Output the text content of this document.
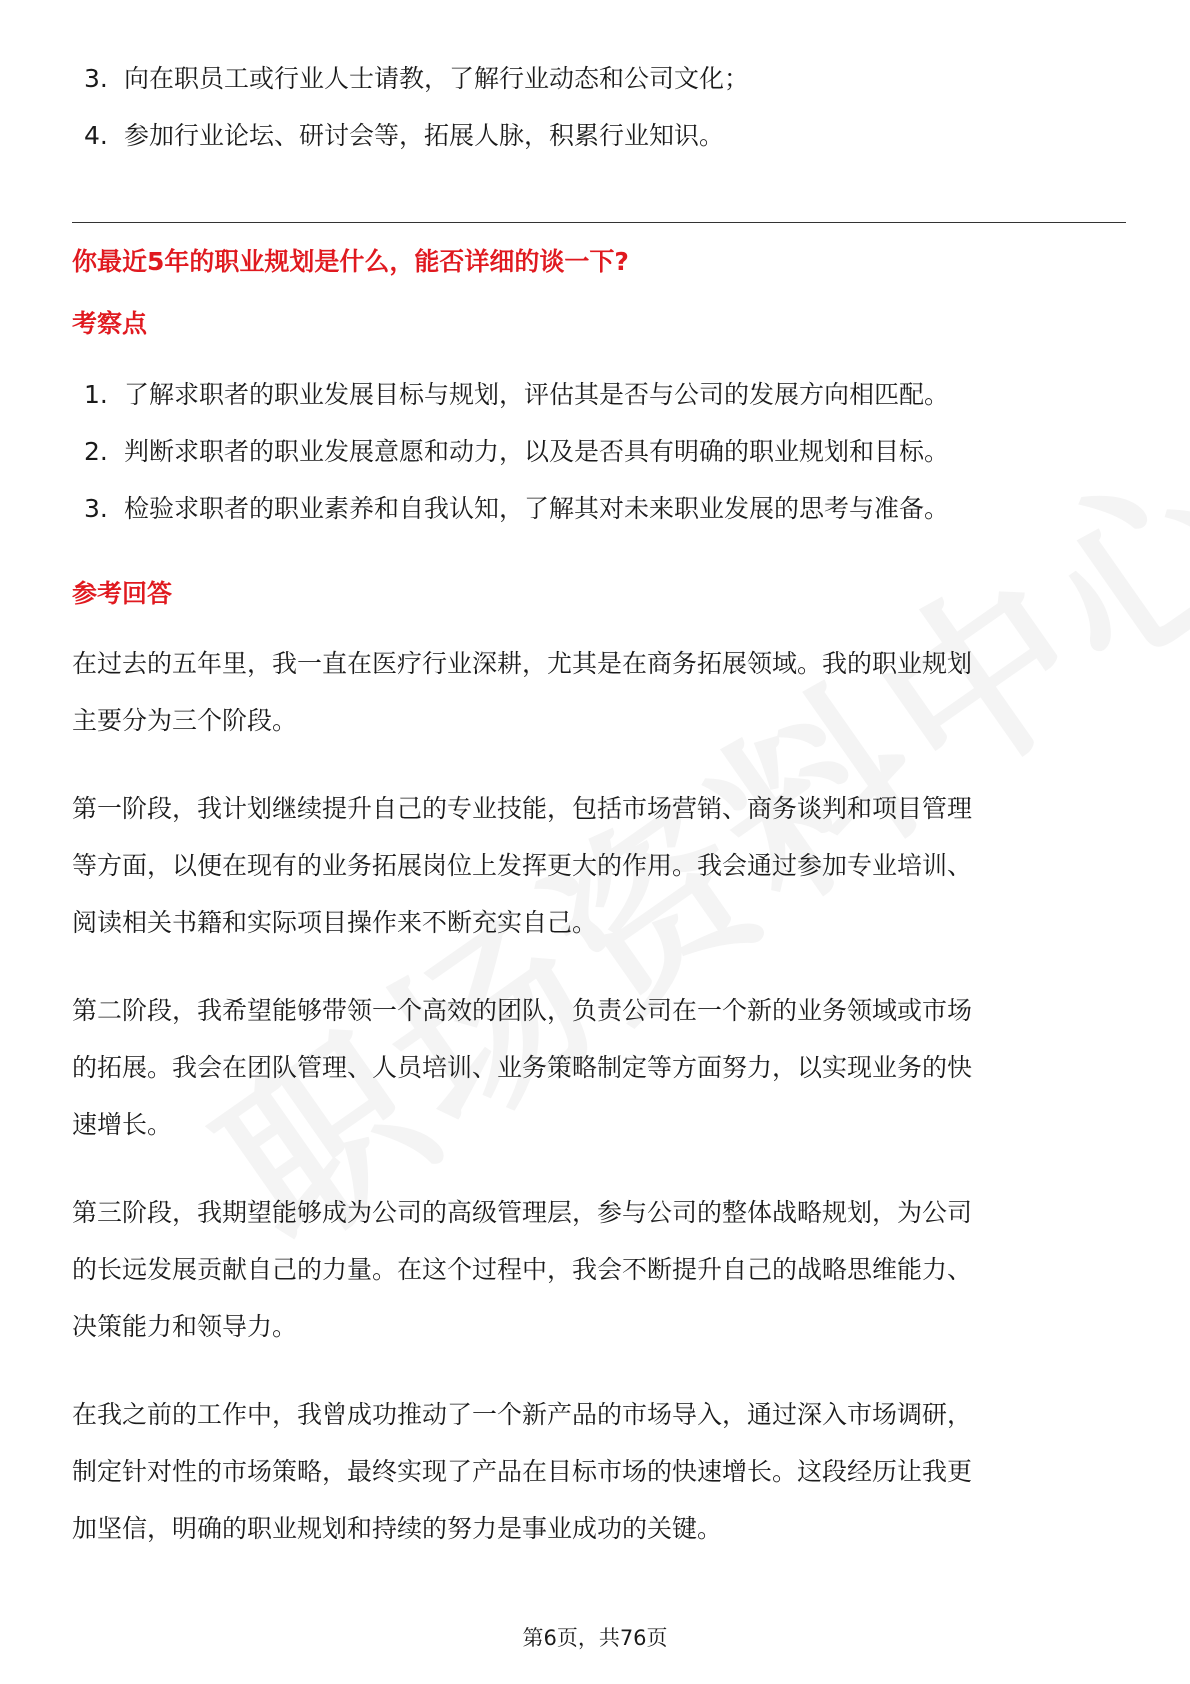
3. 向在职员工或行业人士请教，了解行业动态和公司文化；
4. 参加行业论坛、研讨会等，拓展人脉，积累行业知识。
你最近5年的职业规划是什么，能否详细的谈一下?
考察点
1. 了解求职者的职业发展目标与规划，评估其是否与公司的发展方向相匹配。
2. 判断求职者的职业发展意愿和动力，以及是否具有明确的职业规划和目标。
3. 检验求职者的职业素养和自我认知，了解其对未来职业发展的思考与准备。
参考回答
在过去的五年里，我一直在医疗行业深耕，尤其是在商务拓展领域。我的职业规划
主要分为三个阶段。
第一阶段，我计划继续提升自己的专业技能，包括市场营销、商务谈判和项目管理
等方面，以便在现有的业务拓展岗位上发挥更大的作用。我会通过参加专业培训、
阅读相关书籍和实际项目操作来不断充实自己。
第二阶段，我希望能够带领一个高效的团队，负责公司在一个新的业务领域或市场
的拓展。我会在团队管理、人员培训、业务策略制定等方面努力，以实现业务的快
速增长。
第三阶段，我期望能够成为公司的高级管理层，参与公司的整体战略规划，为公司
的长远发展贡献自己的力量。在这个过程中，我会不断提升自己的战略思维能力、
决策能力和领导力。
在我之前的工作中，我曾成功推动了一个新产品的市场导入，通过深入市场调研，
制定针对性的市场策略，最终实现了产品在目标市场的快速增长。这段经历让我更
加坚信，明确的职业规划和持续的努力是事业成功的关键。
第6页，共76页
